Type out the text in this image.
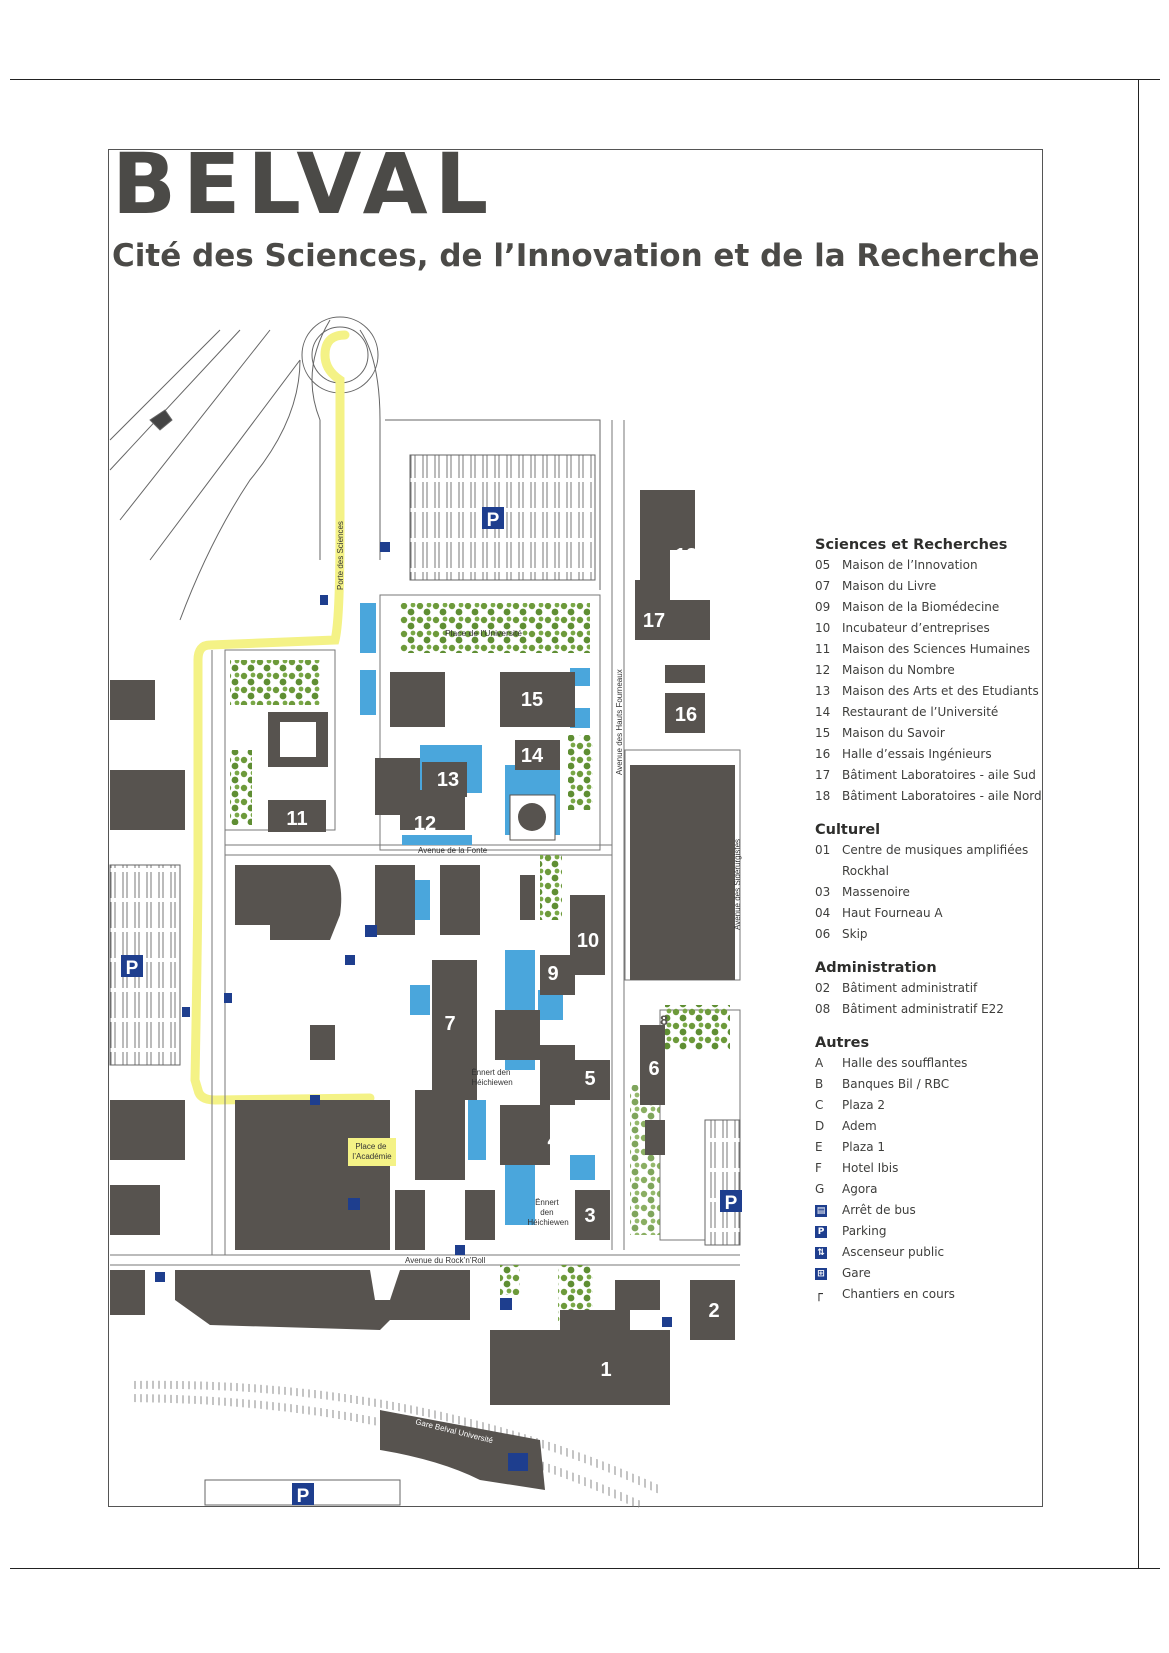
BELVAL
Cité des Sciences, de l’Innovation et de la Recherche
1
2
3
4
5	6
7	8
9
10
11	12
13
14
15
16
17
18
P
P
P
P
Porte des Sciences
Place de l’Université
Avenue des Hauts Fourneaux
Avenue de la Fonte	Avenue des Sidérurgistes
Ënnert den Héichiewen
Ënnert den Héichiewen
Place de l’Académie
Avenue du Rock’n’Roll
Gare Belval Université
Sciences et Recherches
05 Maison de l’Innovation
07 Maison du Livre
09 Maison de la Biomédecine
10 Incubateur d’entreprises
11 Maison des Sciences Humaines
12 Maison du Nombre
13 Maison des Arts et des Etudiants
14 Restaurant de l’Université
15 Maison du Savoir
16 Halle d’essais Ingénieurs
17 Bâtiment Laboratoires - aile Sud
18 Bâtiment Laboratoires - aile Nord
Culturel
01 Centre de musiques amplifiées
Rockhal
03 Massenoire
04 Haut Fourneau A
06 Skip
Administration
02 Bâtiment administratif
08 Bâtiment administratif E22
Autres
A	Halle des soufflantes
B	Banques Bil / RBC
C	Plaza 2
D	Adem
E	Plaza 1
F	Hotel Ibis
G	Agora
▤ Arrêt de bus
P Parking
⇅ Ascenseur public
⊞ Gare
┌ Chantiers en cours
